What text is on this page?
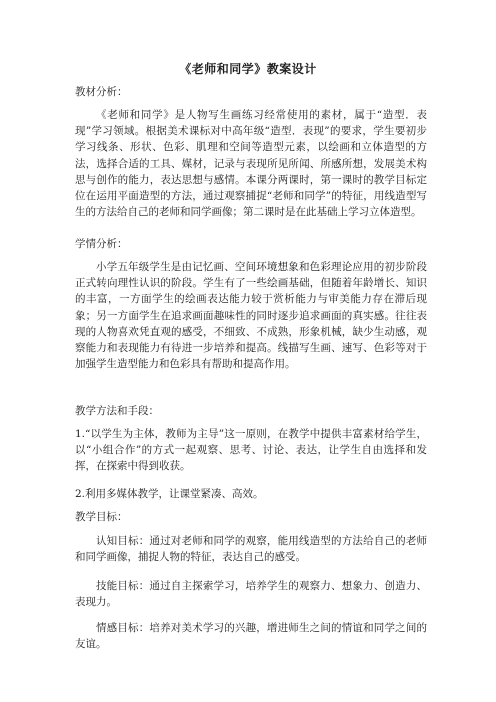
《老师和同学》教案设计
教材分析：
《老师和同学》是人物写生画练习经常使用的素材，属于“造型．表现”学习领域。根据美术课标对中高年级“造型．表现”的要求，学生要初步学习线条、形状、色彩、肌理和空间等造型元素，以绘画和立体造型的方法，选择合适的工具、媒材，记录与表现所见所闻、所感所想，发展美术构思与创作的能力，表达思想与感情。本课分两课时，第一课时的教学目标定位在运用平面造型的方法，通过观察捕捉“老师和同学”的特征，用线造型写生的方法给自己的老师和同学画像；第二课时是在此基础上学习立体造型。
学情分析：
小学五年级学生是由记忆画、空间环境想象和色彩理论应用的初步阶段正式转向理性认识的阶段。学生有了一些绘画基础，但随着年龄增长、知识的丰富，一方面学生的绘画表达能力较于赏析能力与审美能力存在滞后现象；另一方面学生在追求画面趣味性的同时逐步追求画面的真实感。往往表现的人物喜欢凭直观的感受，不细致、不成熟，形象机械，缺少生动感，观察能力和表现能力有待进一步培养和提高。线描写生画、速写、色彩等对于加强学生造型能力和色彩具有帮助和提高作用。
教学方法和手段：
1.“以学生为主体，教师为主导”这一原则，在教学中提供丰富素材给学生，以“小组合作”的方式一起观察、思考、讨论、表达，让学生自由选择和发挥，在探索中得到收获。
2.利用多媒体教学，让课堂紧凑、高效。
教学目标：
认知目标：通过对老师和同学的观察，能用线造型的方法给自己的老师和同学画像，捕捉人物的特征，表达自己的感受。
技能目标：通过自主探索学习，培养学生的观察力、想象力、创造力、表现力。
情感目标：培养对美术学习的兴趣，增进师生之间的情谊和同学之间的友谊。
